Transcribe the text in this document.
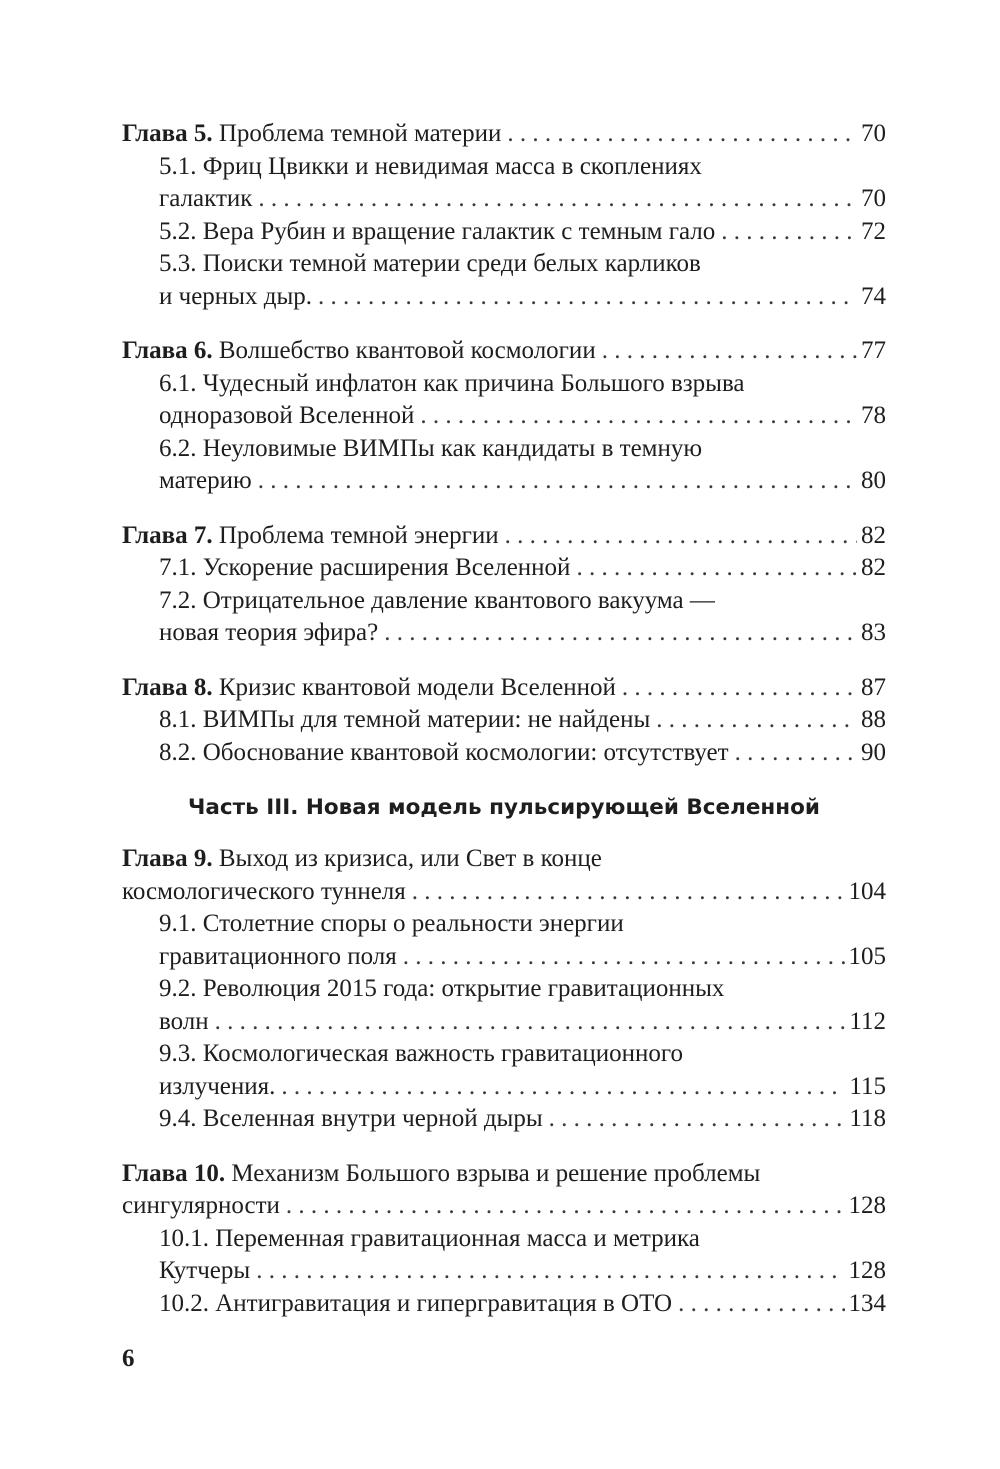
Глава 5. Проблема темной материи . . .	70
5.1. Фриц Цвикки и невидимая масса в скоплениях
галактик . . .	70
5.2. Вера Рубин и вращение галактик с темным гало . . .	72
5.3. Поиски темной материи среди белых карликов
и черных дыр. . . .	74
Глава 6. Волшебство квантовой космологии . . .	77
6.1. Чудесный инфлатон как причина Большого взрыва
одноразовой Вселенной . . .	78
6.2. Неуловимые ВИМПы как кандидаты в темную
материю . . .	80
Глава 7. Проблема темной энергии . . .	82
7.1. Ускорение расширения Вселенной . . .	82
7.2. Отрицательное давление квантового вакуума —
новая теория эфира? . . .	83
Глава 8. Кризис квантовой модели Вселенной . . .	87
8.1. ВИМПы для темной материи: не найдены . . .	88
8.2. Обоснование квантовой космологии: отсутствует . . .	90
Часть III. Новая модель пульсирующей Вселенной
Глава 9. Выход из кризиса, или Свет в конце
космологического туннеля . . .	104
9.1. Столетние споры о реальности энергии
гравитационного поля . . .	105
9.2. Революция 2015 года: открытие гравитационных
волн . . .	112
9.3. Космологическая важность гравитационного
излучения. . . .	115
9.4. Вселенная внутри черной дыры . . .	118
Глава 10. Механизм Большого взрыва и решение проблемы
сингулярности . . .	128
10.1. Переменная гравитационная масса и метрика
Кутчеры . . .	128
10.2. Антигравитация и гипергравитация в ОТО . . .	134
6
